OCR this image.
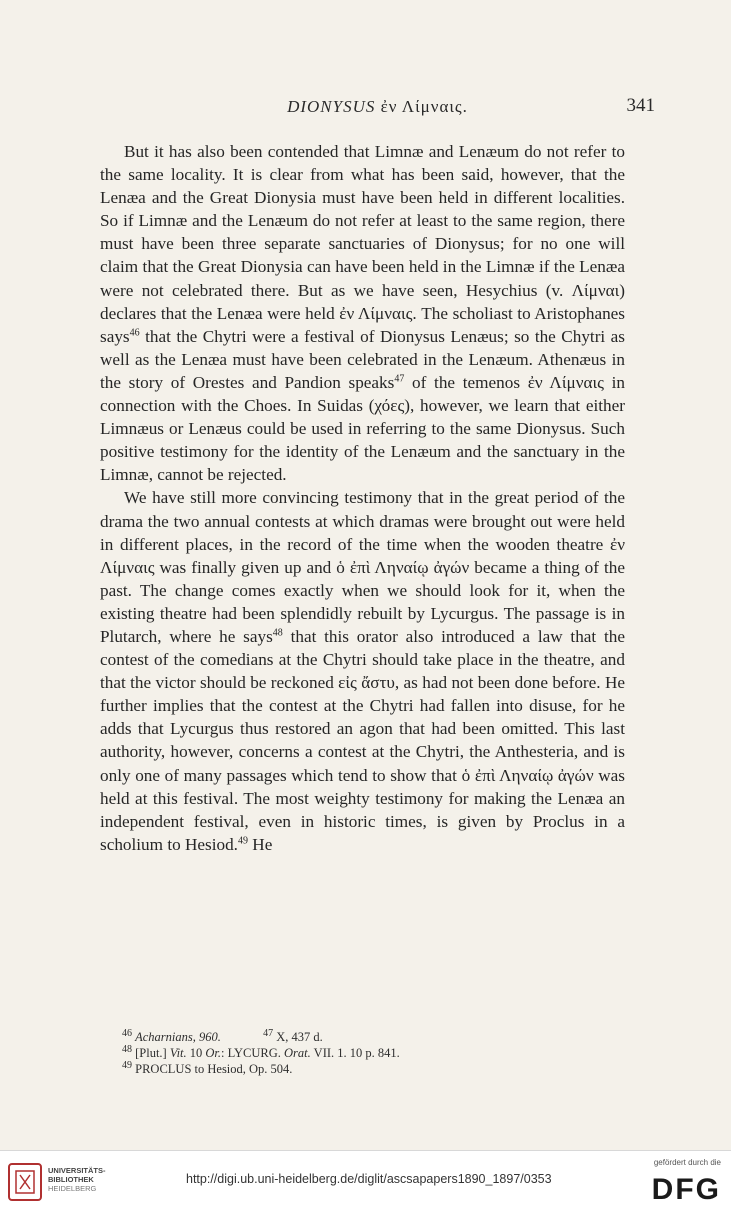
DIONYSUS ἐν Λίμναις.	341

But it has also been contended that Limnæ and Lenæum do not refer to the same locality. It is clear from what has been said, however, that the Lenæa and the Great Dionysia must have been held in different localities. So if Limnæ and the Lenæum do not refer at least to the same region, there must have been three separate sanctuaries of Dionysus; for no one will claim that the Great Dionysia can have been held in the Limnæ if the Lenæa were not celebrated there. But as we have seen, Hesychius (v. Λίμναι) declares that the Lenæa were held ἐν Λίμναις. The scholiast to Aristophanes says$^{46}$ that the Chytri were a festival of Dionysus Lenæus; so the Chytri as well as the Lenæa must have been celebrated in the Lenæum. Athenæus in the story of Orestes and Pandion speaks$^{47}$ of the temenos ἐν Λίμναις in connection with the Choes. In Suidas (χόες), however, we learn that either Limnæus or Lenæus could be used in referring to the same Dionysus. Such positive testimony for the identity of the Lenæum and the sanctuary in the Limnæ, cannot be rejected.

We have still more convincing testimony that in the great period of the drama the two annual contests at which dramas were brought out were held in different places, in the record of the time when the wooden theatre ἐν Λίμναις was finally given up and ὁ ἐπὶ Ληναίῳ ἀγών became a thing of the past. The change comes exactly when we should look for it, when the existing theatre had been splendidly rebuilt by Lycurgus. The passage is in Plutarch, where he says$^{48}$ that this orator also introduced a law that the contest of the comedians at the Chytri should take place in the theatre, and that the victor should be reckoned εἰς ἄστυ, as had not been done before. He further implies that the contest at the Chytri had fallen into disuse, for he adds that Lycurgus thus restored an agon that had been omitted. This last authority, however, concerns a contest at the Chytri, the Anthesteria, and is only one of many passages which tend to show that ὁ ἐπὶ Ληναίῳ ἀγών was held at this festival. The most weighty testimony for making the Lenæa an independent festival, even in historic times, is given by Proclus in a scholium to Hesiod.$^{49}$ He

$^{46}$ Acharnians, 960.	$^{47}$ X, 437 d.
$^{48}$ [Plut.] Vit. 10 Or.: LYCURG. Orat. VII. 1. 10 p. 841.
$^{49}$ PROCLUS to Hesiod, Op. 504.
UNIVERSITÄTS-
BIBLIOTHEK
HEIDELBERG
http://digi.ub.uni-heidelberg.de/diglit/ascsapapers1890_1897/0353
gefördert durch die
DFG
